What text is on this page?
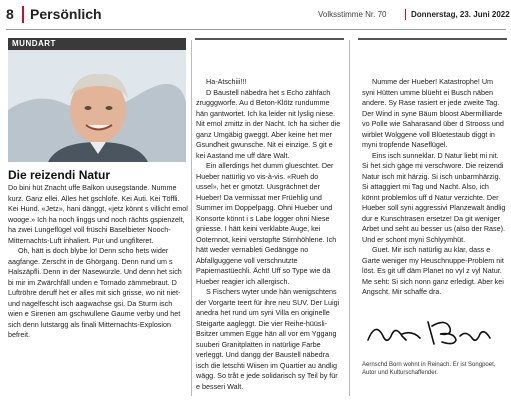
8 Persönlich	Volksstimme Nr. 70	Donnerstag, 23. Juni 2022
MUNDART
Die reizendi Natur

Do bini hüt Znacht uffe Balkon uusegstande. Numme kurz. Ganz ellei. Alles het gschlofe. Kei Auti. Kei Töffli. Kei Hund. «Jetz», hani dänggt, «jetz könnt s villicht emol wooge.» Ich ha noch linggs und noch rächts gspienzelt, ha zwei Lungeflügel voll früschi Baselbieter Nooch-Mitternachts-Luft inhaliert. Pur und ungfilteret.

Oh, hätt is doch blybe lo! Denn scho hets wider aagfange. Zerscht in de Ghörgang. Denn rund um s Halszäpfli. Denn in der Nasewurzle. Und denn het sich bi mir im Zwärchfäll unden e Tornado zämmebraut. D Luftröhre deruff het er alles mit sich grisse, wo nit niet- und nagelfescht isch aagwachse gsi. Da Sturm isch wien e Sirenen am gschwullene Gaume verby und het sich denn lutstargg als finali Mitternachts-Explosion befreit.

Ha-Atschiii!!!

D Baustell näbedra het s Echo zähfach zrugggworfe. Au d Beton-Klötz rundumme hän gantwortet. Ich ka leider nit lyslig niese. Nit emol zmittz in der Nacht. Ich ha sicher die ganz Umgäbig gweggt. Aber keine het mer Gsundheit gwunsche. Nit ei einzige. S git e kei Aastand me uff däre Walt.

Ein allerdings het dumm glueschtet. Der Hueber natürlig vo vis-à-vis. «Rueh do ussel», het er gmotzt. Uusgrächnet der Hueber! Da vermissat mer Früehlig und Summer im Doppelpagg. Ohni Hueber und Konsorte könnt i s Labe logger ohni Niese gniesse. I hätt keini verklabte Auge, kei Ooternnot, keini verstopfte Stirnhöhlene. Ich hätt weder vernableti Gedängge no Abfallguggene voll verschnutzte Papiernastüechli. Ächt! Uff so Type wie dä Hueber reagier ich allergisch.

S Fischers wyter unde hän wenigschtens der Vorgarte teert für ihre neu SUV. Der Luigi anedra het rund um syni Villa en originelle Steigarte aagleggt. Die vier Reihe-hüüsli-Bsitzer ummen Egge hän all vor em Yggang suuberi Granitplatten in natürlige Farbe verleggt. Und dangg der Baustell näbedra isch die letschti Wiisen im Quartier au ändlig wägg. So tråt e jede solidarisch sy Teil by für e besseri Walt.

Numme der Hueber! Katastrophe! Um syni Hütten umme blüeht ei Busch näben andere. Sy Rase rasiert er jede zweite Tag. Der Wind in syne Bäum bloost Abermilliarde vo Polle wie Saharasand über d Strooss und wirblet Wolggene voll Blüetestaub diggt in myni tropfende Naseflügel.

Eins isch sunneklar. D Natur liebt mi nit. Si het sich gäge mi verschwore. Die reizendi Natur isch mit härzig. Si isch unbarmhärzig. Si attaggiert mi Tag und Nacht. Also, ich könnt problemlos uff d Natur verzichte. Der Hueber soll syni aggressivi Planzewalt ändlig dur e Kunschtrasen ersetze! Da git weniger Arbet und seht au besser us (also der Rase). Und er schont myni Schlyymhüt.

Guet. Mir isch natürlig au klar, dass e Garte weniger my Heuschnuppe-Problem nit löst. Es git uff däm Planet no vyl z vyl Natur. Me seht: Si sich nonn ganz erledigt. Aber kei Angscht. Mir schaffe dra.

Aernschd Born wohnt in Reinach. Er ist Songpoet, Autor und Kulturschaffender.
